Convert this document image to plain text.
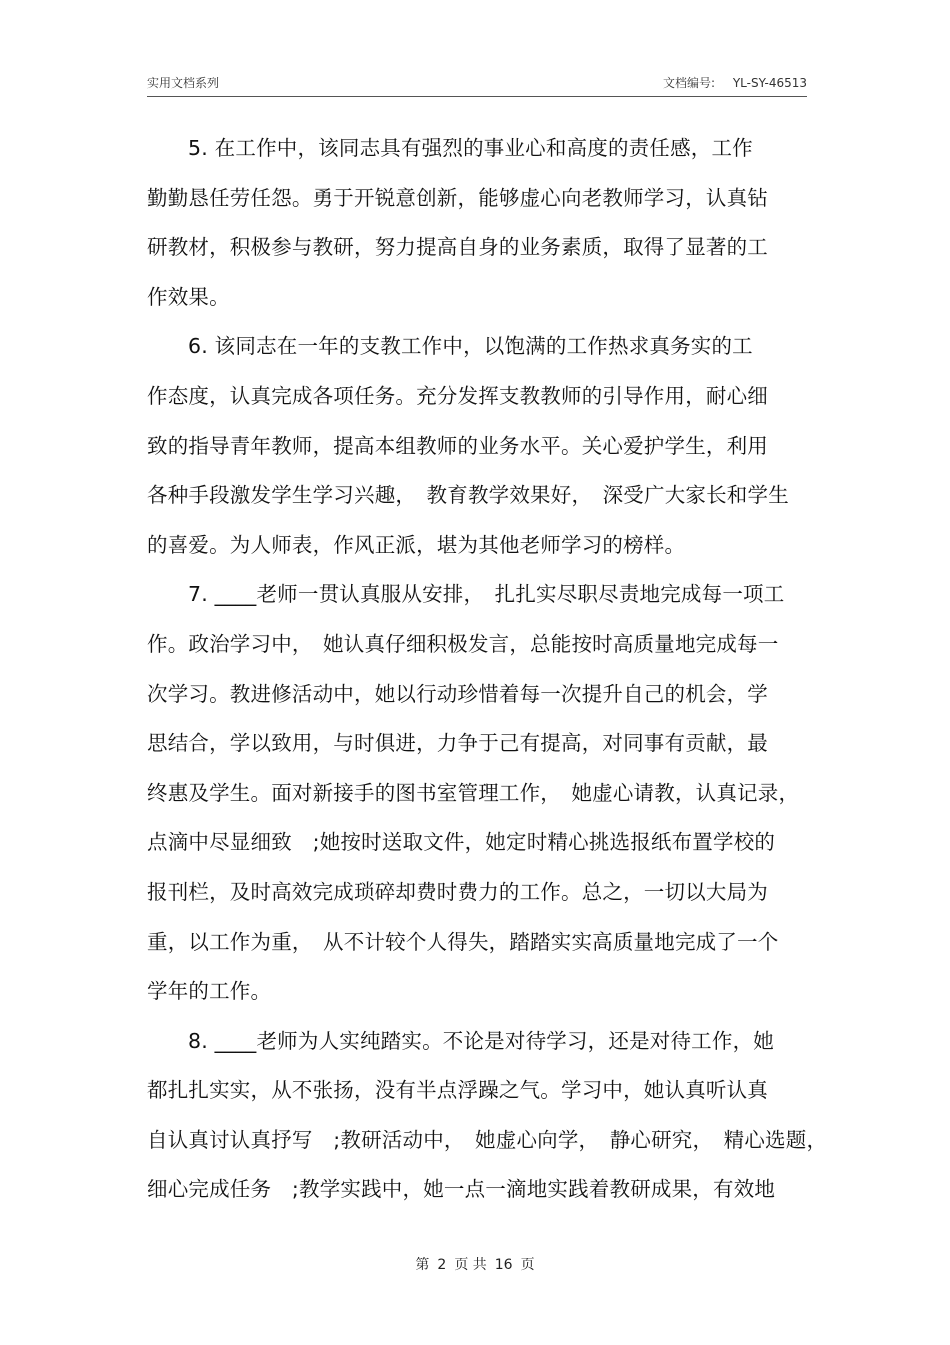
实用文档系列	文档编号: YL-SY-46513
5. 在工作中，该同志具有强烈的事业心和高度的责任感，工作
勤勤恳任劳任怨。勇于开锐意创新，能够虚心向老教师学习，认真钻
研教材，积极参与教研，努力提高自身的业务素质，取得了显著的工
作效果。
6. 该同志在一年的支教工作中，以饱满的工作热求真务实的工
作态度，认真完成各项任务。充分发挥支教教师的引导作用，耐心细
致的指导青年教师，提高本组教师的业务水平。关心爱护学生，利用
各种手段激发学生学习兴趣，　教育教学效果好，　深受广大家长和学生
的喜爱。为人师表，作风正派，堪为其他老师学习的榜样。
7. ____老师一贯认真服从安排，　扎扎实尽职尽责地完成每一项工
作。政治学习中，　她认真仔细积极发言，总能按时高质量地完成每一
次学习。教进修活动中，她以行动珍惜着每一次提升自己的机会，学
思结合，学以致用，与时俱进，力争于己有提高，对同事有贡献，最
终惠及学生。面对新接手的图书室管理工作，　她虚心请教，认真记录，
点滴中尽显细致　;她按时送取文件，她定时精心挑选报纸布置学校的
报刊栏，及时高效完成琐碎却费时费力的工作。总之，一切以大局为
重，以工作为重，　从不计较个人得失，踏踏实实高质量地完成了一个
学年的工作。
8. ____老师为人实纯踏实。不论是对待学习，还是对待工作，她
都扎扎实实，从不张扬，没有半点浮躁之气。学习中，她认真听认真
自认真讨认真抒写　;教研活动中，　她虚心向学，　静心研究，　精心选题，
细心完成任务　;教学实践中，她一点一滴地实践着教研成果，有效地
第 2 页 共 16 页
